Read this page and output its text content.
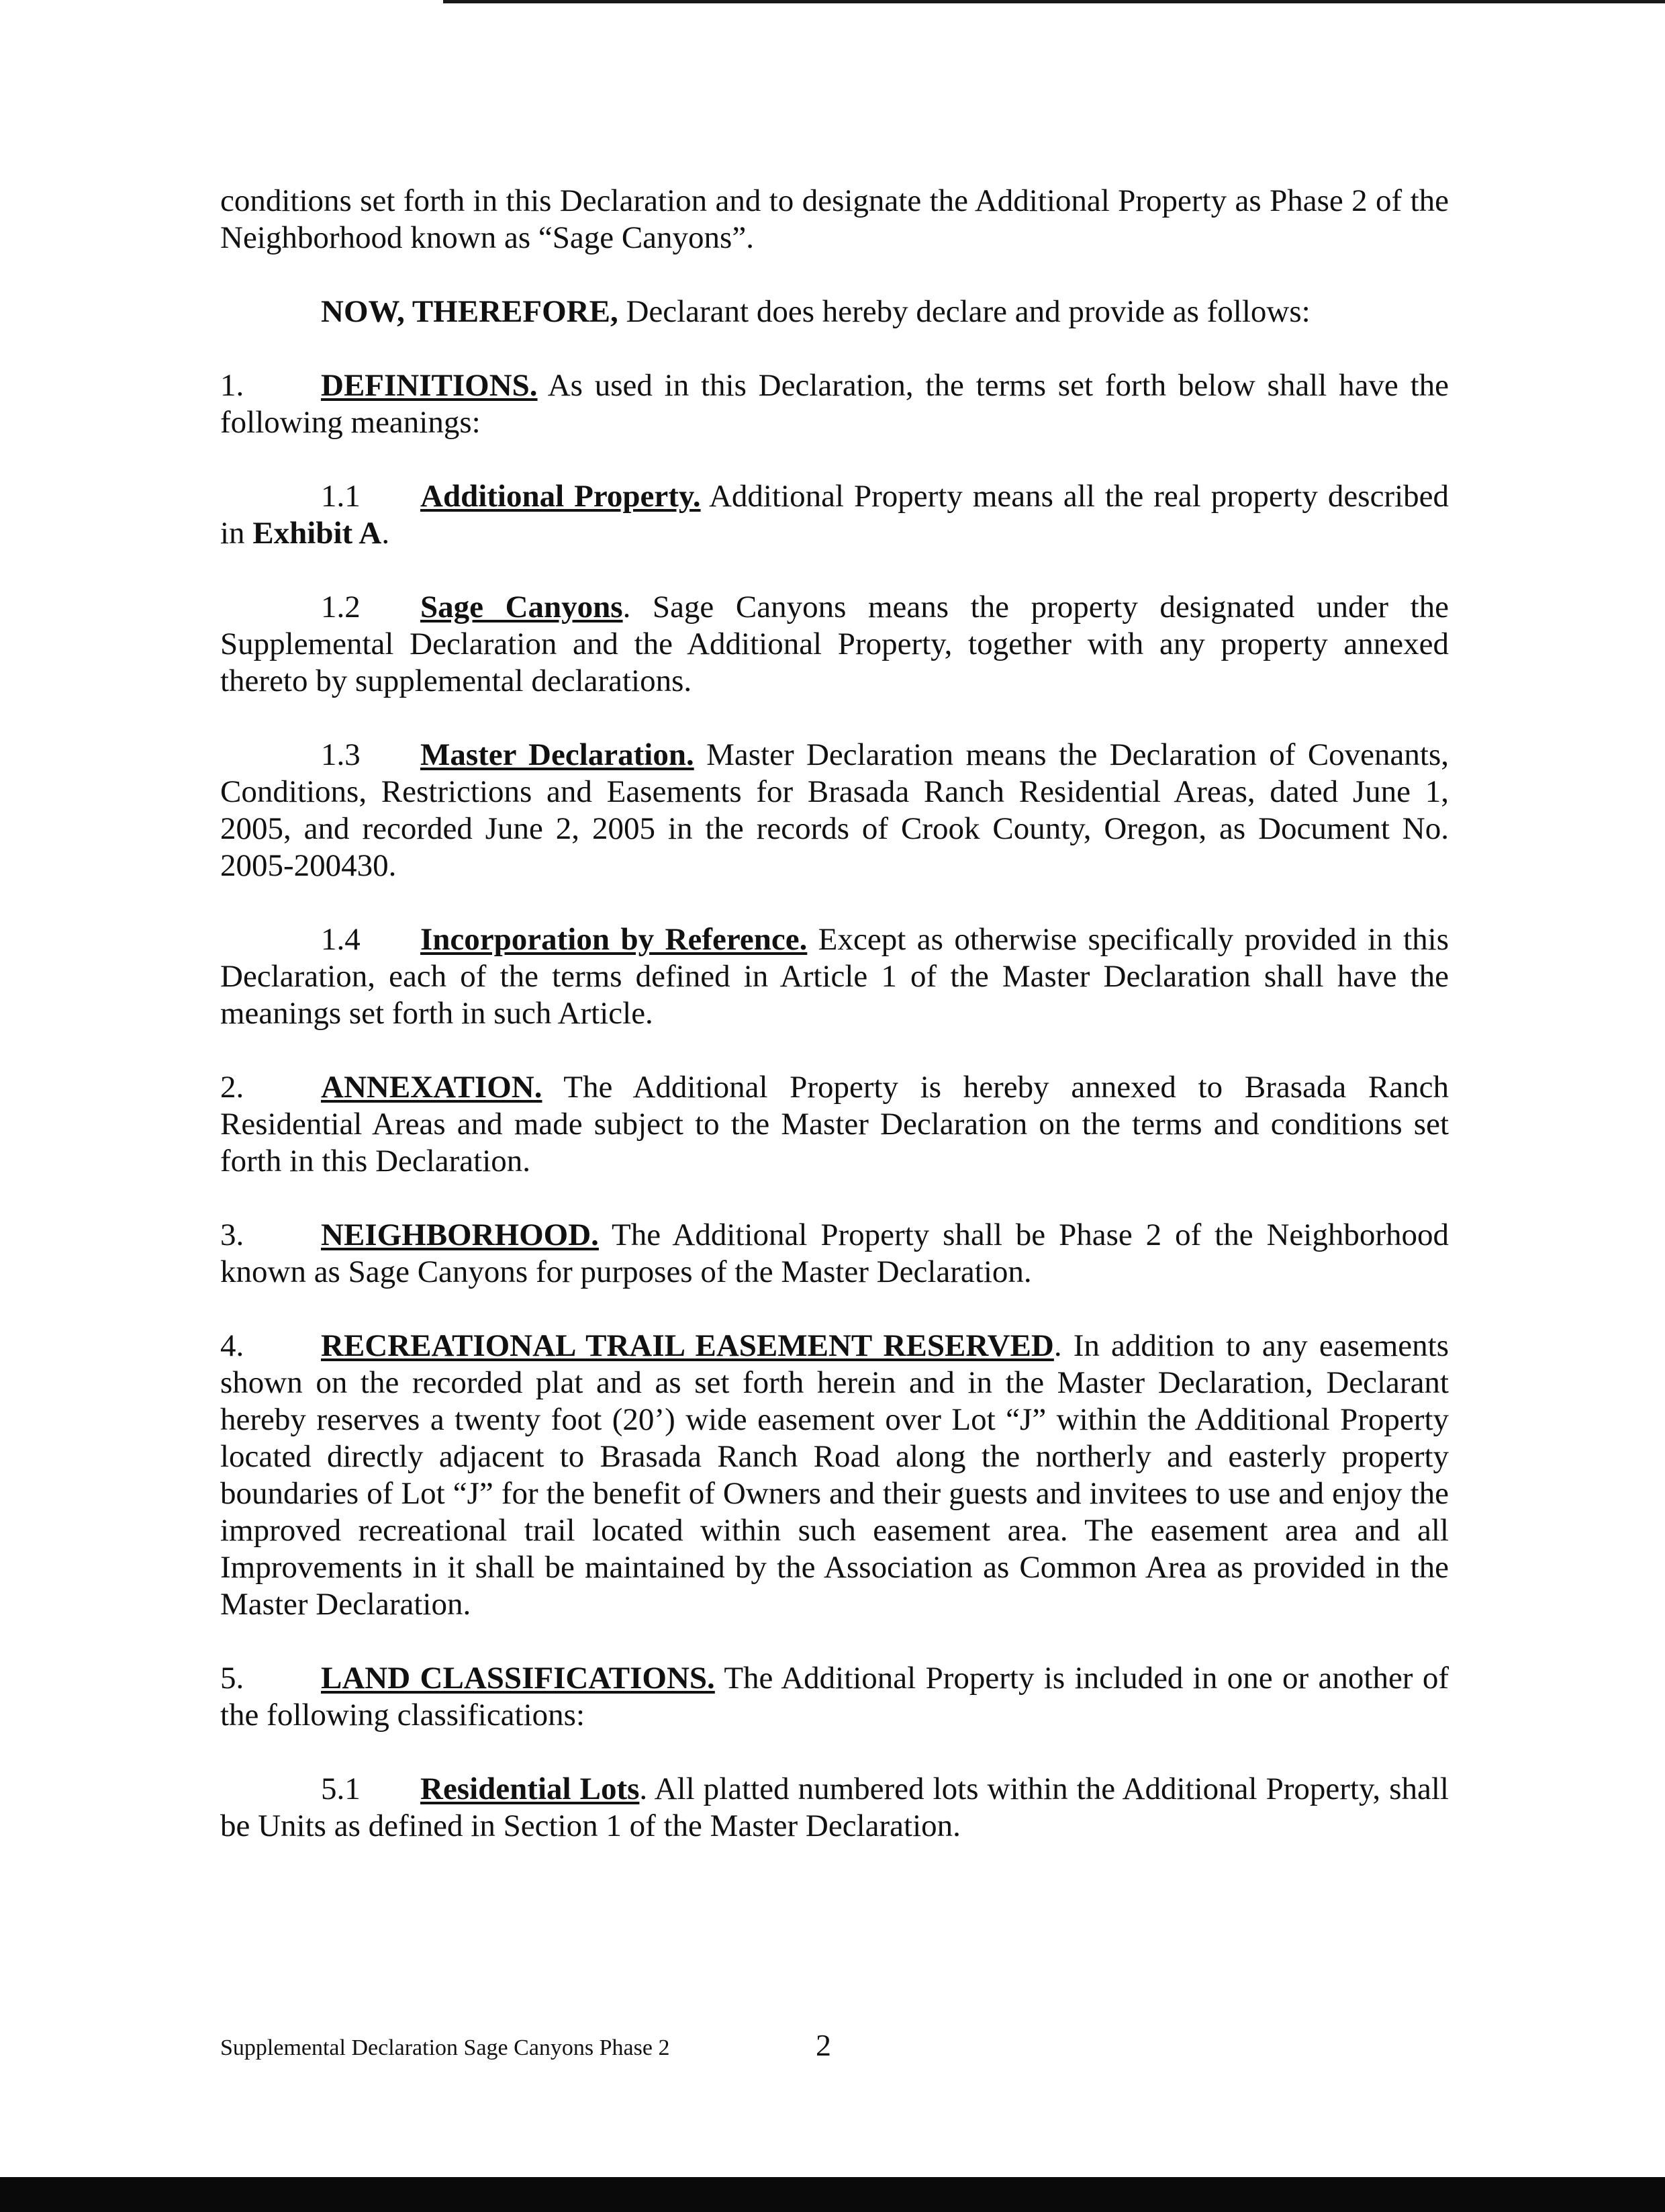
conditions set forth in this Declaration and to designate the Additional Property as Phase 2 of the Neighborhood known as “Sage Canyons”.

NOW, THEREFORE, Declarant does hereby declare and provide as follows:

1. DEFINITIONS. As used in this Declaration, the terms set forth below shall have the following meanings:

1.1 Additional Property. Additional Property means all the real property described in Exhibit A.

1.2 Sage Canyons. Sage Canyons means the property designated under the Supplemental Declaration and the Additional Property, together with any property annexed thereto by supplemental declarations.

1.3 Master Declaration. Master Declaration means the Declaration of Covenants, Conditions, Restrictions and Easements for Brasada Ranch Residential Areas, dated June 1, 2005, and recorded June 2, 2005 in the records of Crook County, Oregon, as Document No. 2005-200430.

1.4 Incorporation by Reference. Except as otherwise specifically provided in this Declaration, each of the terms defined in Article 1 of the Master Declaration shall have the meanings set forth in such Article.

2. ANNEXATION. The Additional Property is hereby annexed to Brasada Ranch Residential Areas and made subject to the Master Declaration on the terms and conditions set forth in this Declaration.

3. NEIGHBORHOOD. The Additional Property shall be Phase 2 of the Neighborhood known as Sage Canyons for purposes of the Master Declaration.

4. RECREATIONAL TRAIL EASEMENT RESERVED. In addition to any easements shown on the recorded plat and as set forth herein and in the Master Declaration, Declarant hereby reserves a twenty foot (20’) wide easement over Lot “J” within the Additional Property located directly adjacent to Brasada Ranch Road along the northerly and easterly property boundaries of Lot “J” for the benefit of Owners and their guests and invitees to use and enjoy the improved recreational trail located within such easement area. The easement area and all Improvements in it shall be maintained by the Association as Common Area as provided in the Master Declaration.

5. LAND CLASSIFICATIONS. The Additional Property is included in one or another of the following classifications:

5.1 Residential Lots. All platted numbered lots within the Additional Property, shall be Units as defined in Section 1 of the Master Declaration.

Supplemental Declaration Sage Canyons Phase 2	2
